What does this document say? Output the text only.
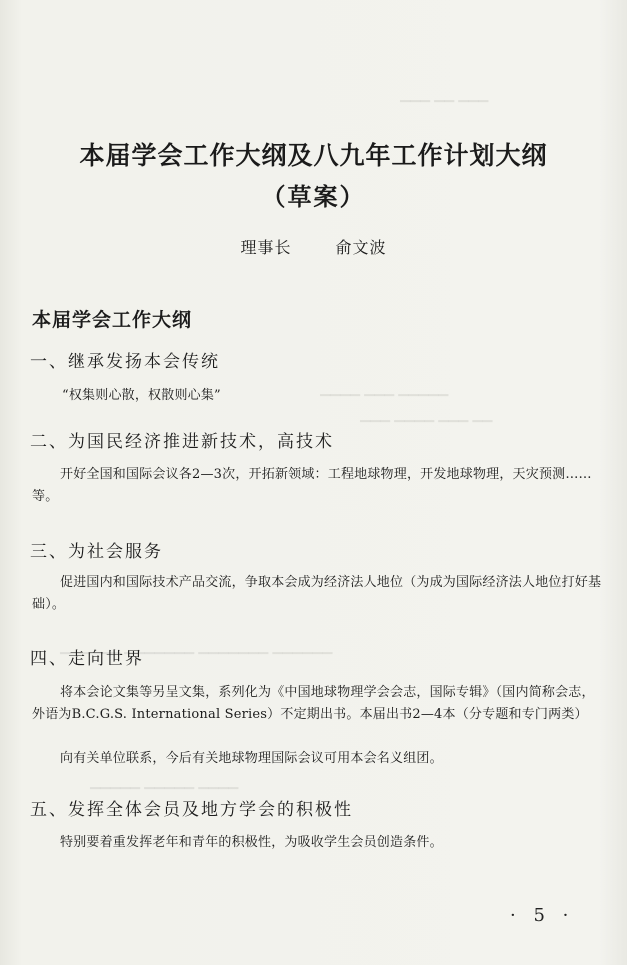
▁▁▁ ▁▁ ▁▁▁
▁▁▁▁ ▁▁▁ ▁▁▁▁▁
▁▁▁ ▁▁▁▁ ▁▁▁ ▁▁
▁▁▁▁▁▁ ▁▁▁▁▁▁▁ ▁▁▁▁▁▁▁ ▁▁▁▁▁▁
▁▁▁▁▁ ▁▁▁▁▁ ▁▁▁▁
本届学会工作大纲及八九年工作计划大纲
（草案）
理事长	俞文波
本届学会工作大纲
一、继承发扬本会传统
“权集则心散，权散则心集”
二、为国民经济推进新技术，高技术
开好全国和国际会议各2—3次，开拓新领域：工程地球物理，开发地球物理，天灾预测……等。
三、为社会服务
促进国内和国际技术产品交流，争取本会成为经济法人地位（为成为国际经济法人地位打好基础）。
四、走向世界
将本会论文集等另呈文集，系列化为《中国地球物理学会会志，国际专辑》（国内简称会志，外语为B.C.G.S. International Series）不定期出书。本届出书2—4本（分专题和专门两类）
向有关单位联系，今后有关地球物理国际会议可用本会名义组团。
五、发挥全体会员及地方学会的积极性
特别要着重发挥老年和青年的积极性，为吸收学生会员创造条件。
· 5 ·
